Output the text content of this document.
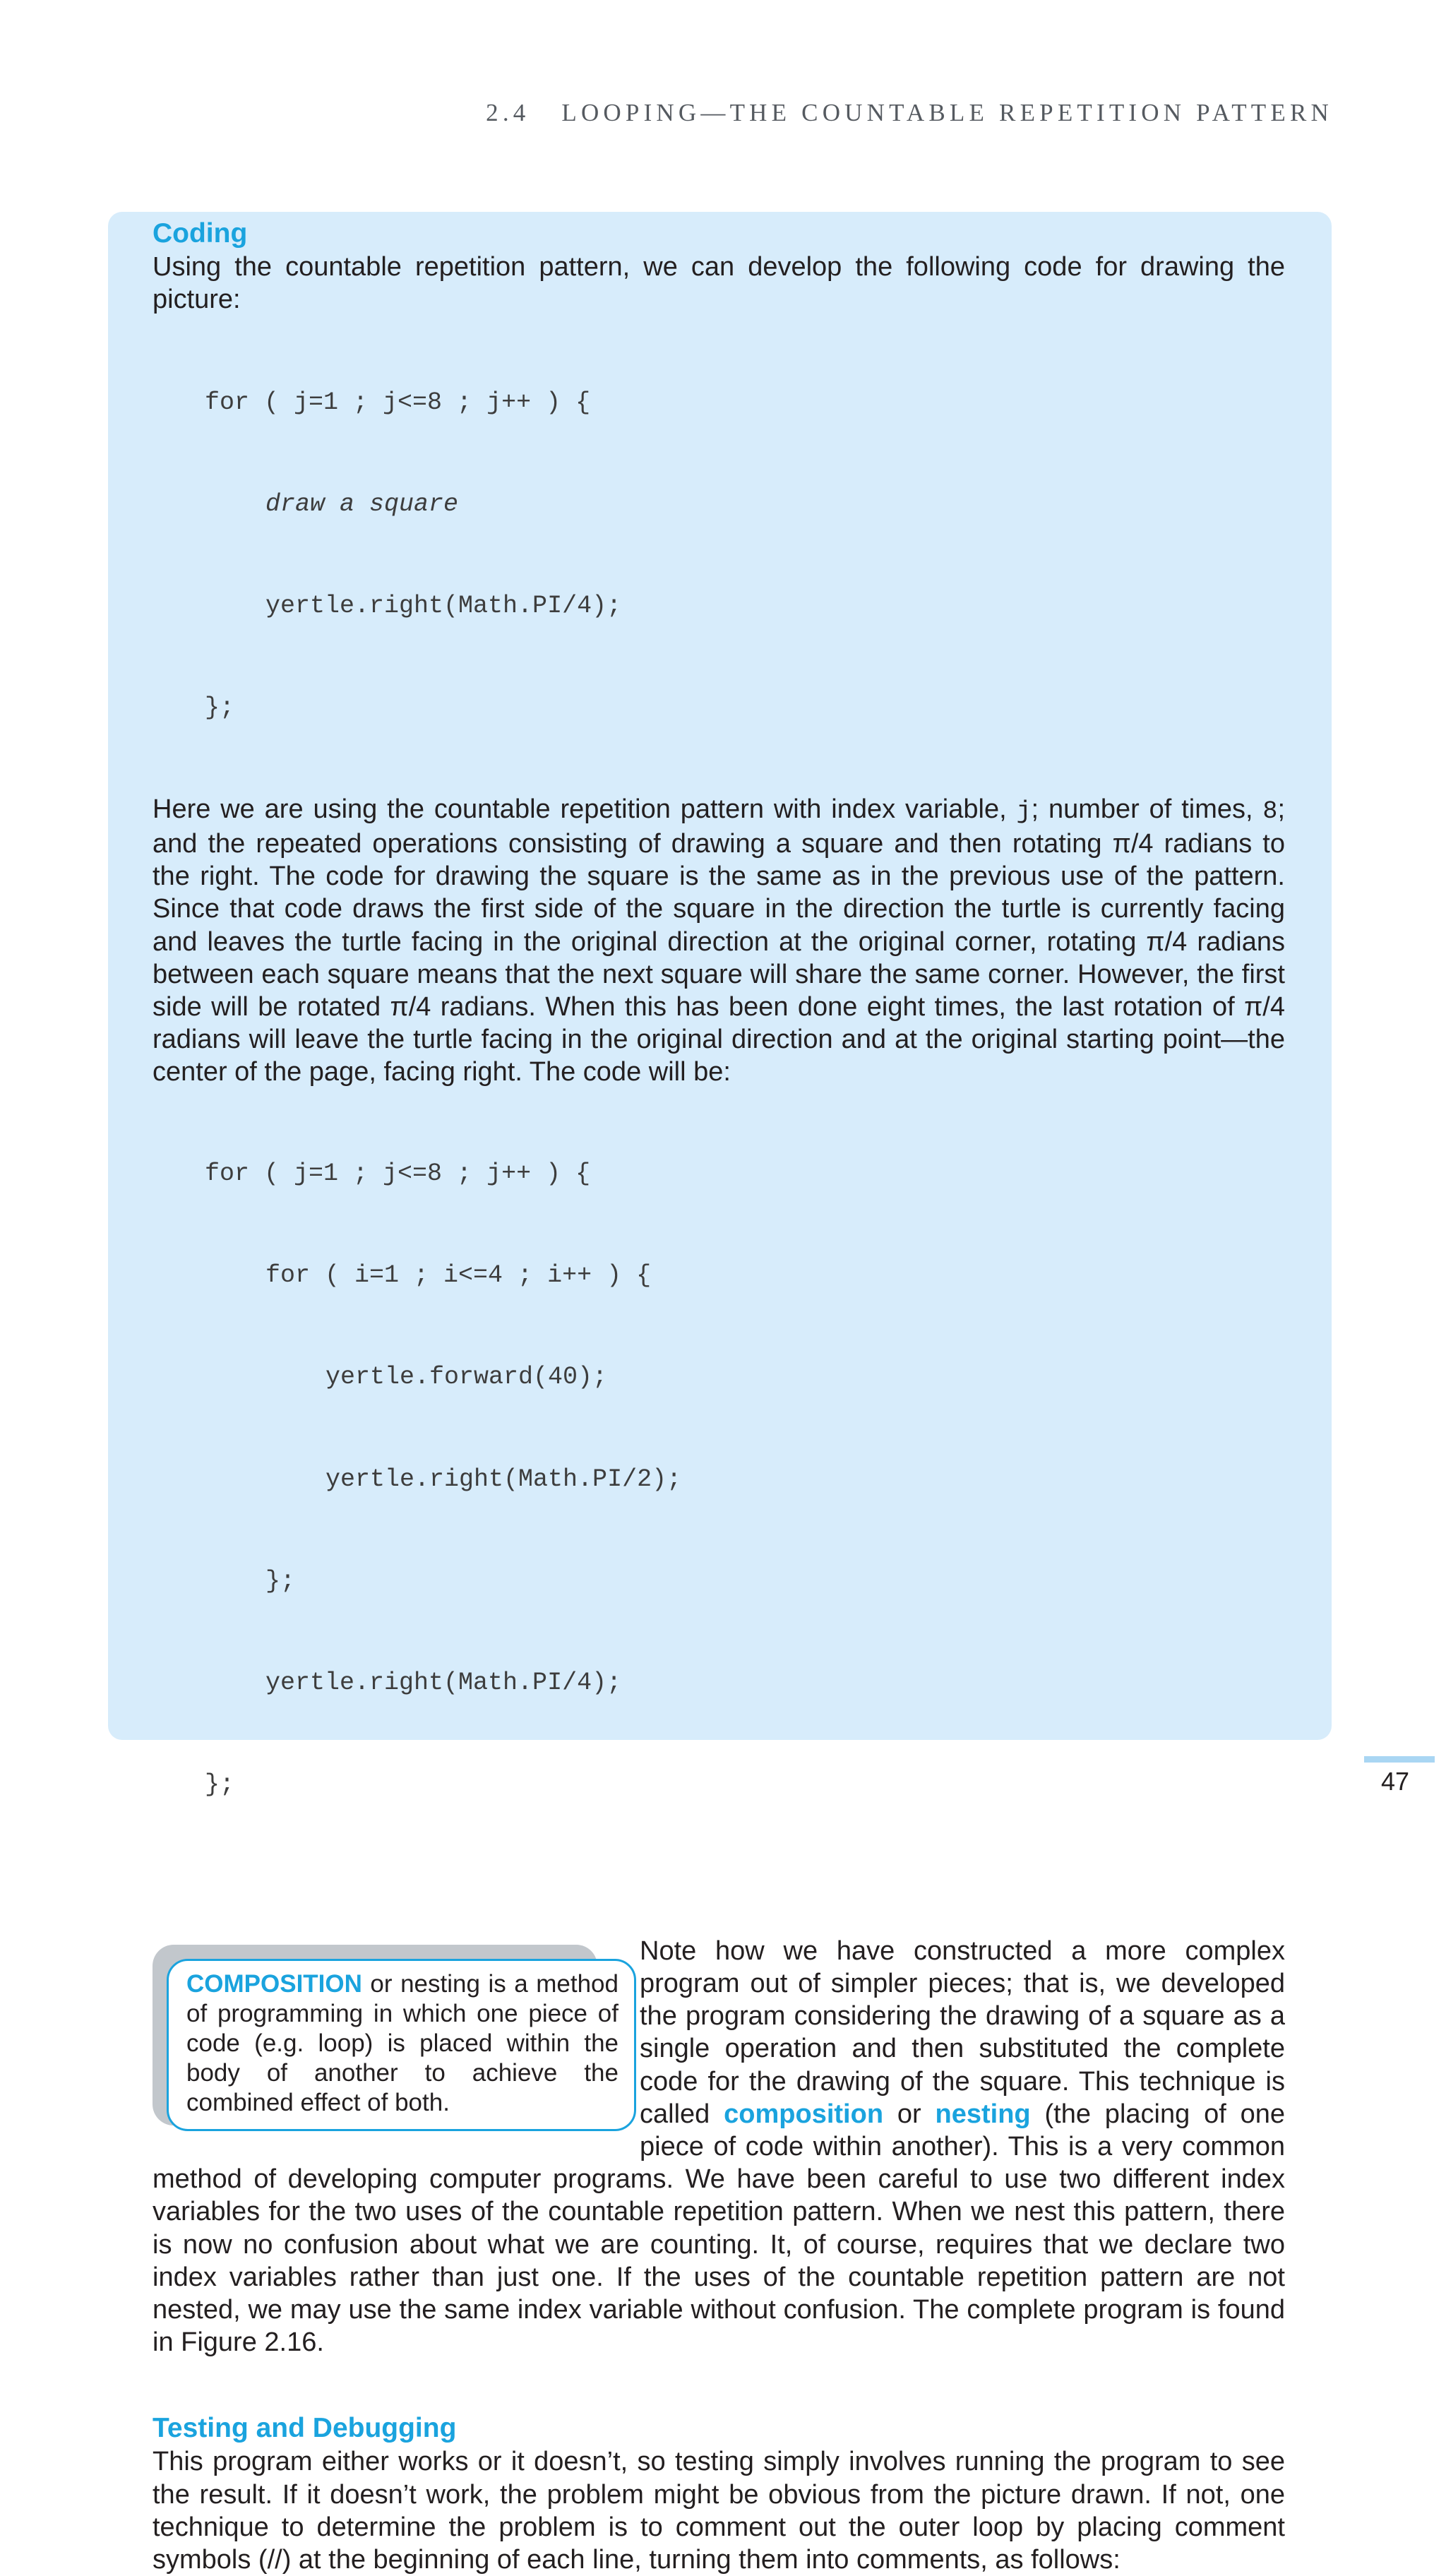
2.4 LOOPING—THE COUNTABLE REPETITION PATTERN
Coding

Using the countable repetition pattern, we can develop the following code for drawing the picture:

for ( j=1 ; j<=8 ; j++ ) {

draw a square

yertle.right(Math.PI/4);

};

Here we are using the countable repetition pattern with index variable, j; number of times, 8; and the repeated operations consisting of drawing a square and then rotating π/4 radians to the right. The code for drawing the square is the same as in the previous use of the pattern. Since that code draws the first side of the square in the direction the turtle is currently facing and leaves the turtle facing in the original direction at the original corner, rotating π/4 radians between each square means that the next square will share the same corner. However, the first side will be rotated π/4 radians. When this has been done eight times, the last rotation of π/4 radians will leave the turtle facing in the original direction and at the original starting point—the center of the page, facing right. The code will be:

for ( j=1 ; j<=8 ; j++ ) {

for ( i=1 ; i<=4 ; i++ ) {

yertle.forward(40);

yertle.right(Math.PI/2);

};

yertle.right(Math.PI/4);

};

COMPOSITION or nesting is a method of programming in which one piece of code (e.g. loop) is placed within the body of another to achieve the combined effect of both.
Note how we have constructed a more complex program out of simpler pieces; that is, we developed the program considering the drawing of a square as a single operation and then substituted the complete code for the drawing of the square. This technique is called composition or nesting (the placing of one piece of code within another). This is a very common method of developing computer programs. We have been careful to use two different index variables for the two uses of the countable repetition pattern. When we nest this pattern, there is now no confusion about what we are counting. It, of course, requires that we declare two index variables rather than just one. If the uses of the countable repetition pattern are not nested, we may use the same index variable without confusion. The complete program is found in Figure 2.16.
Testing and Debugging

This program either works or it doesn’t, so testing simply involves running the program to see the result. If it doesn’t work, the problem might be obvious from the picture drawn. If not, one technique to determine the problem is to comment out the outer loop by placing comment symbols (//) at the beginning of each line, turning them into comments, as follows:

47
